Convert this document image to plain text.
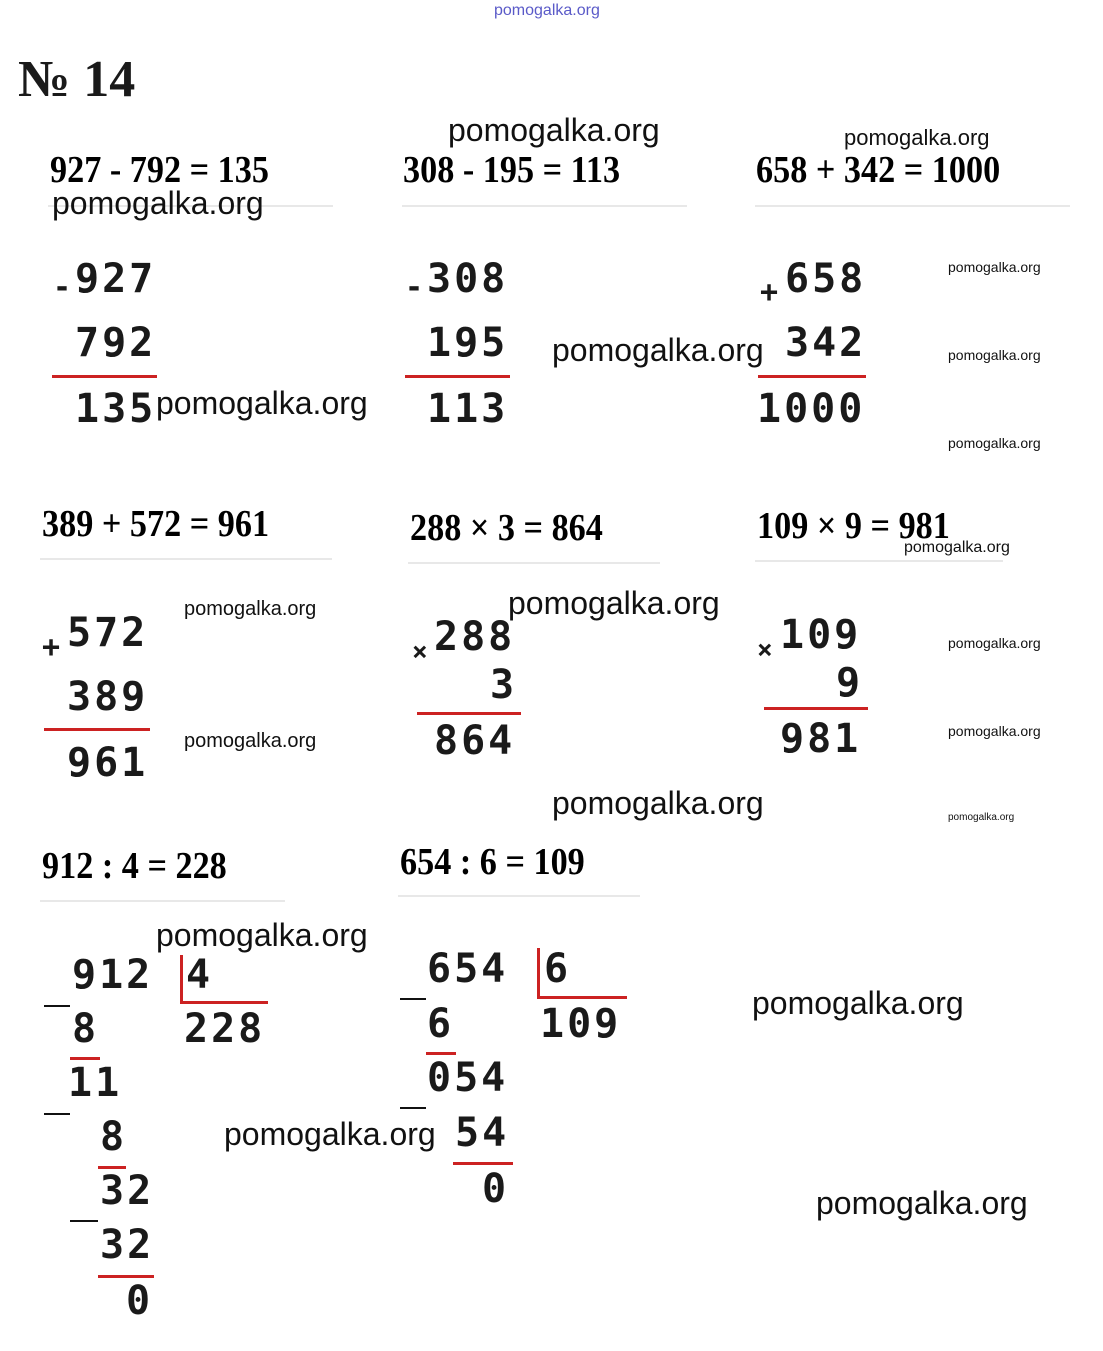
pomogalka.org
№ 14
927 - 792 = 135	308 - 195 = 113	658 + 342 = 1000
- 927
792
135
- 308
195
113
+ 658
342
1000
389 + 572 = 961	288 × 3 = 864	109 × 9 = 981
+ 572
389
961
× 288
3
864
× 109
9
981
912 : 4 = 228	654 : 6 = 109
912 4
228
8
11
8
32
32
0
654 6
109
6
054
54
0
pomogalka.org	pomogalka.org
pomogalka.org
pomogalka.org
pomogalka.org	pomogalka.org
pomogalka.org
pomogalka.org
pomogalka.org
pomogalka.org
pomogalka.org
pomogalka.org
pomogalka.org
pomogalka.org
pomogalka.org	pomogalka.org
pomogalka.org
pomogalka.org
pomogalka.org
pomogalka.org
